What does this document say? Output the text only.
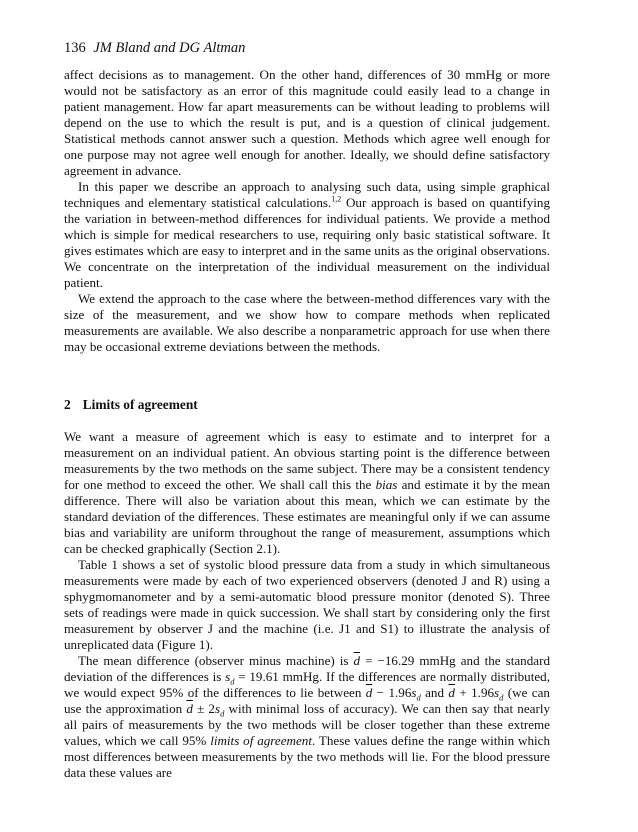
136 JM Bland and DG Altman

affect decisions as to management. On the other hand, differences of 30 mmHg or more would not be satisfactory as an error of this magnitude could easily lead to a change in patient management. How far apart measurements can be without leading to problems will depend on the use to which the result is put, and is a question of clinical judgement. Statistical methods cannot answer such a question. Methods which agree well enough for one purpose may not agree well enough for another. Ideally, we should define satisfactory agreement in advance.

In this paper we describe an approach to analysing such data, using simple graphical techniques and elementary statistical calculations.$^{1,2}$ Our approach is based on quantifying the variation in between-method differences for individual patients. We provide a method which is simple for medical researchers to use, requiring only basic statistical software. It gives estimates which are easy to interpret and in the same units as the original observations. We concentrate on the interpretation of the individual measurement on the individual patient.

We extend the approach to the case where the between-method differences vary with the size of the measurement, and we show how to compare methods when replicated measurements are available. We also describe a nonparametric approach for use when there may be occasional extreme deviations between the methods.

2 Limits of agreement

We want a measure of agreement which is easy to estimate and to interpret for a measurement on an individual patient. An obvious starting point is the difference between measurements by the two methods on the same subject. There may be a consistent tendency for one method to exceed the other. We shall call this the bias and estimate it by the mean difference. There will also be variation about this mean, which we can estimate by the standard deviation of the differences. These estimates are meaningful only if we can assume bias and variability are uniform throughout the range of measurement, assumptions which can be checked graphically (Section 2.1).

Table 1 shows a set of systolic blood pressure data from a study in which simultaneous measurements were made by each of two experienced observers (denoted J and R) using a sphygmomanometer and by a semi-automatic blood pressure monitor (denoted S). Three sets of readings were made in quick succession. We shall start by considering only the first measurement by observer J and the machine (i.e. J1 and S1) to illustrate the analysis of unreplicated data (Figure 1).

The mean difference (observer minus machine) is $\overline{d} = -16.29$ mmHg and the standard deviation of the differences is $s_d = 19.61$ mmHg. If the differences are normally distributed, we would expect 95% of the differences to lie between $\overline{d} - 1.96s_d$ and $\overline{d} + 1.96s_d$ (we can use the approximation $\overline{d} \pm 2s_d$ with minimal loss of accuracy). We can then say that nearly all pairs of measurements by the two methods will be closer together than these extreme values, which we call 95% limits of agreement. These values define the range within which most differences between measurements by the two methods will lie. For the blood pressure data these values are
